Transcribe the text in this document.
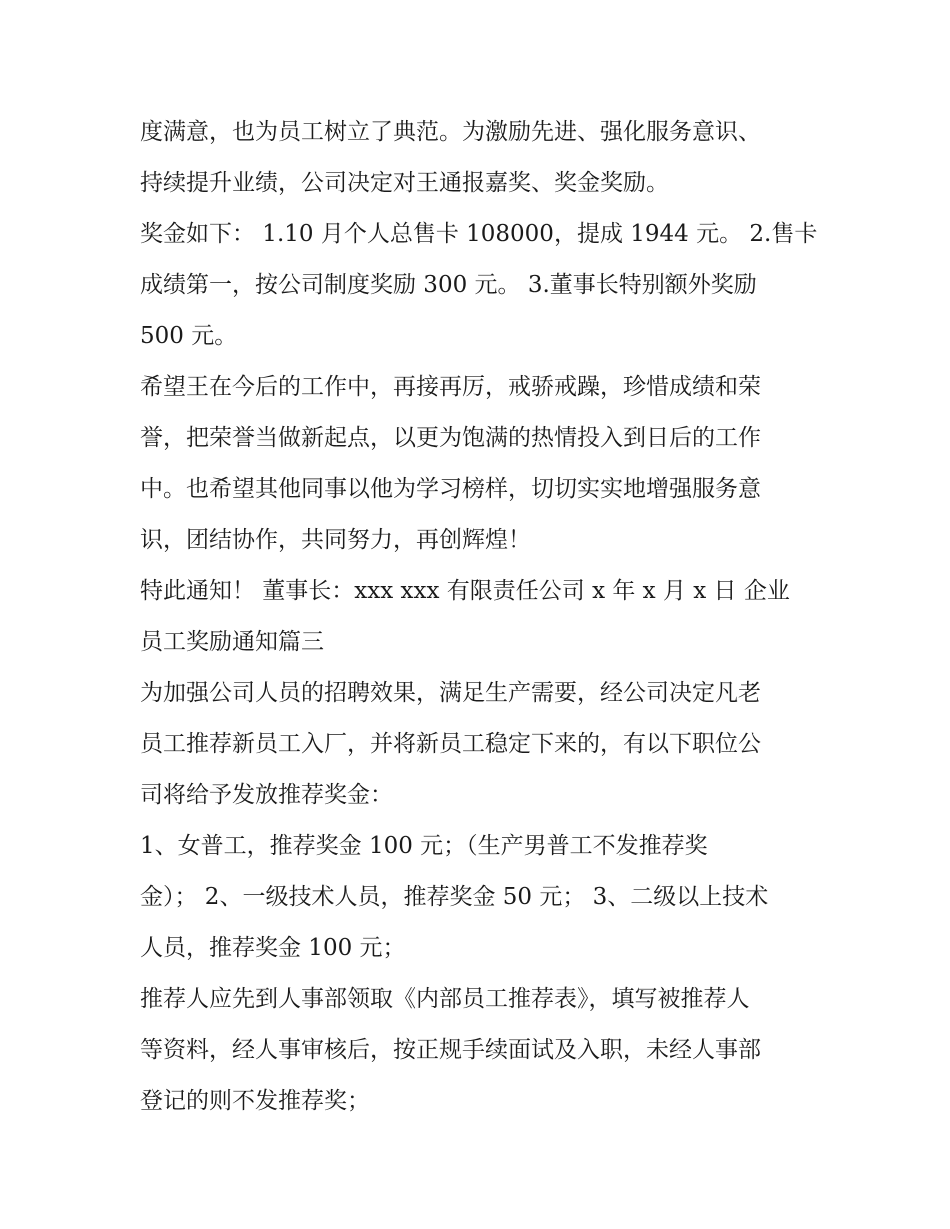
度满意，也为员工树立了典范。为激励先进、强化服务意识、
持续提升业绩，公司决定对王通报嘉奖、奖金奖励。
奖金如下： 1.10 月个人总售卡 108000，提成 1944 元。 2.售卡
成绩第一，按公司制度奖励 300 元。 3.董事长特别额外奖励
500 元。
希望王在今后的工作中，再接再厉，戒骄戒躁，珍惜成绩和荣
誉，把荣誉当做新起点，以更为饱满的热情投入到日后的工作
中。也希望其他同事以他为学习榜样，切切实实地增强服务意
识，团结协作，共同努力，再创辉煌！
特此通知！ 董事长：xxx xxx 有限责任公司 x 年 x 月 x 日 企业
员工奖励通知篇三
为加强公司人员的招聘效果，满足生产需要，经公司决定凡老
员工推荐新员工入厂，并将新员工稳定下来的，有以下职位公
司将给予发放推荐奖金：
1、女普工，推荐奖金 100 元；（生产男普工不发推荐奖
金）； 2、一级技术人员，推荐奖金 50 元； 3、二级以上技术
人员，推荐奖金 100 元；
推荐人应先到人事部领取《内部员工推荐表》，填写被推荐人
等资料，经人事审核后，按正规手续面试及入职，未经人事部
登记的则不发推荐奖；
